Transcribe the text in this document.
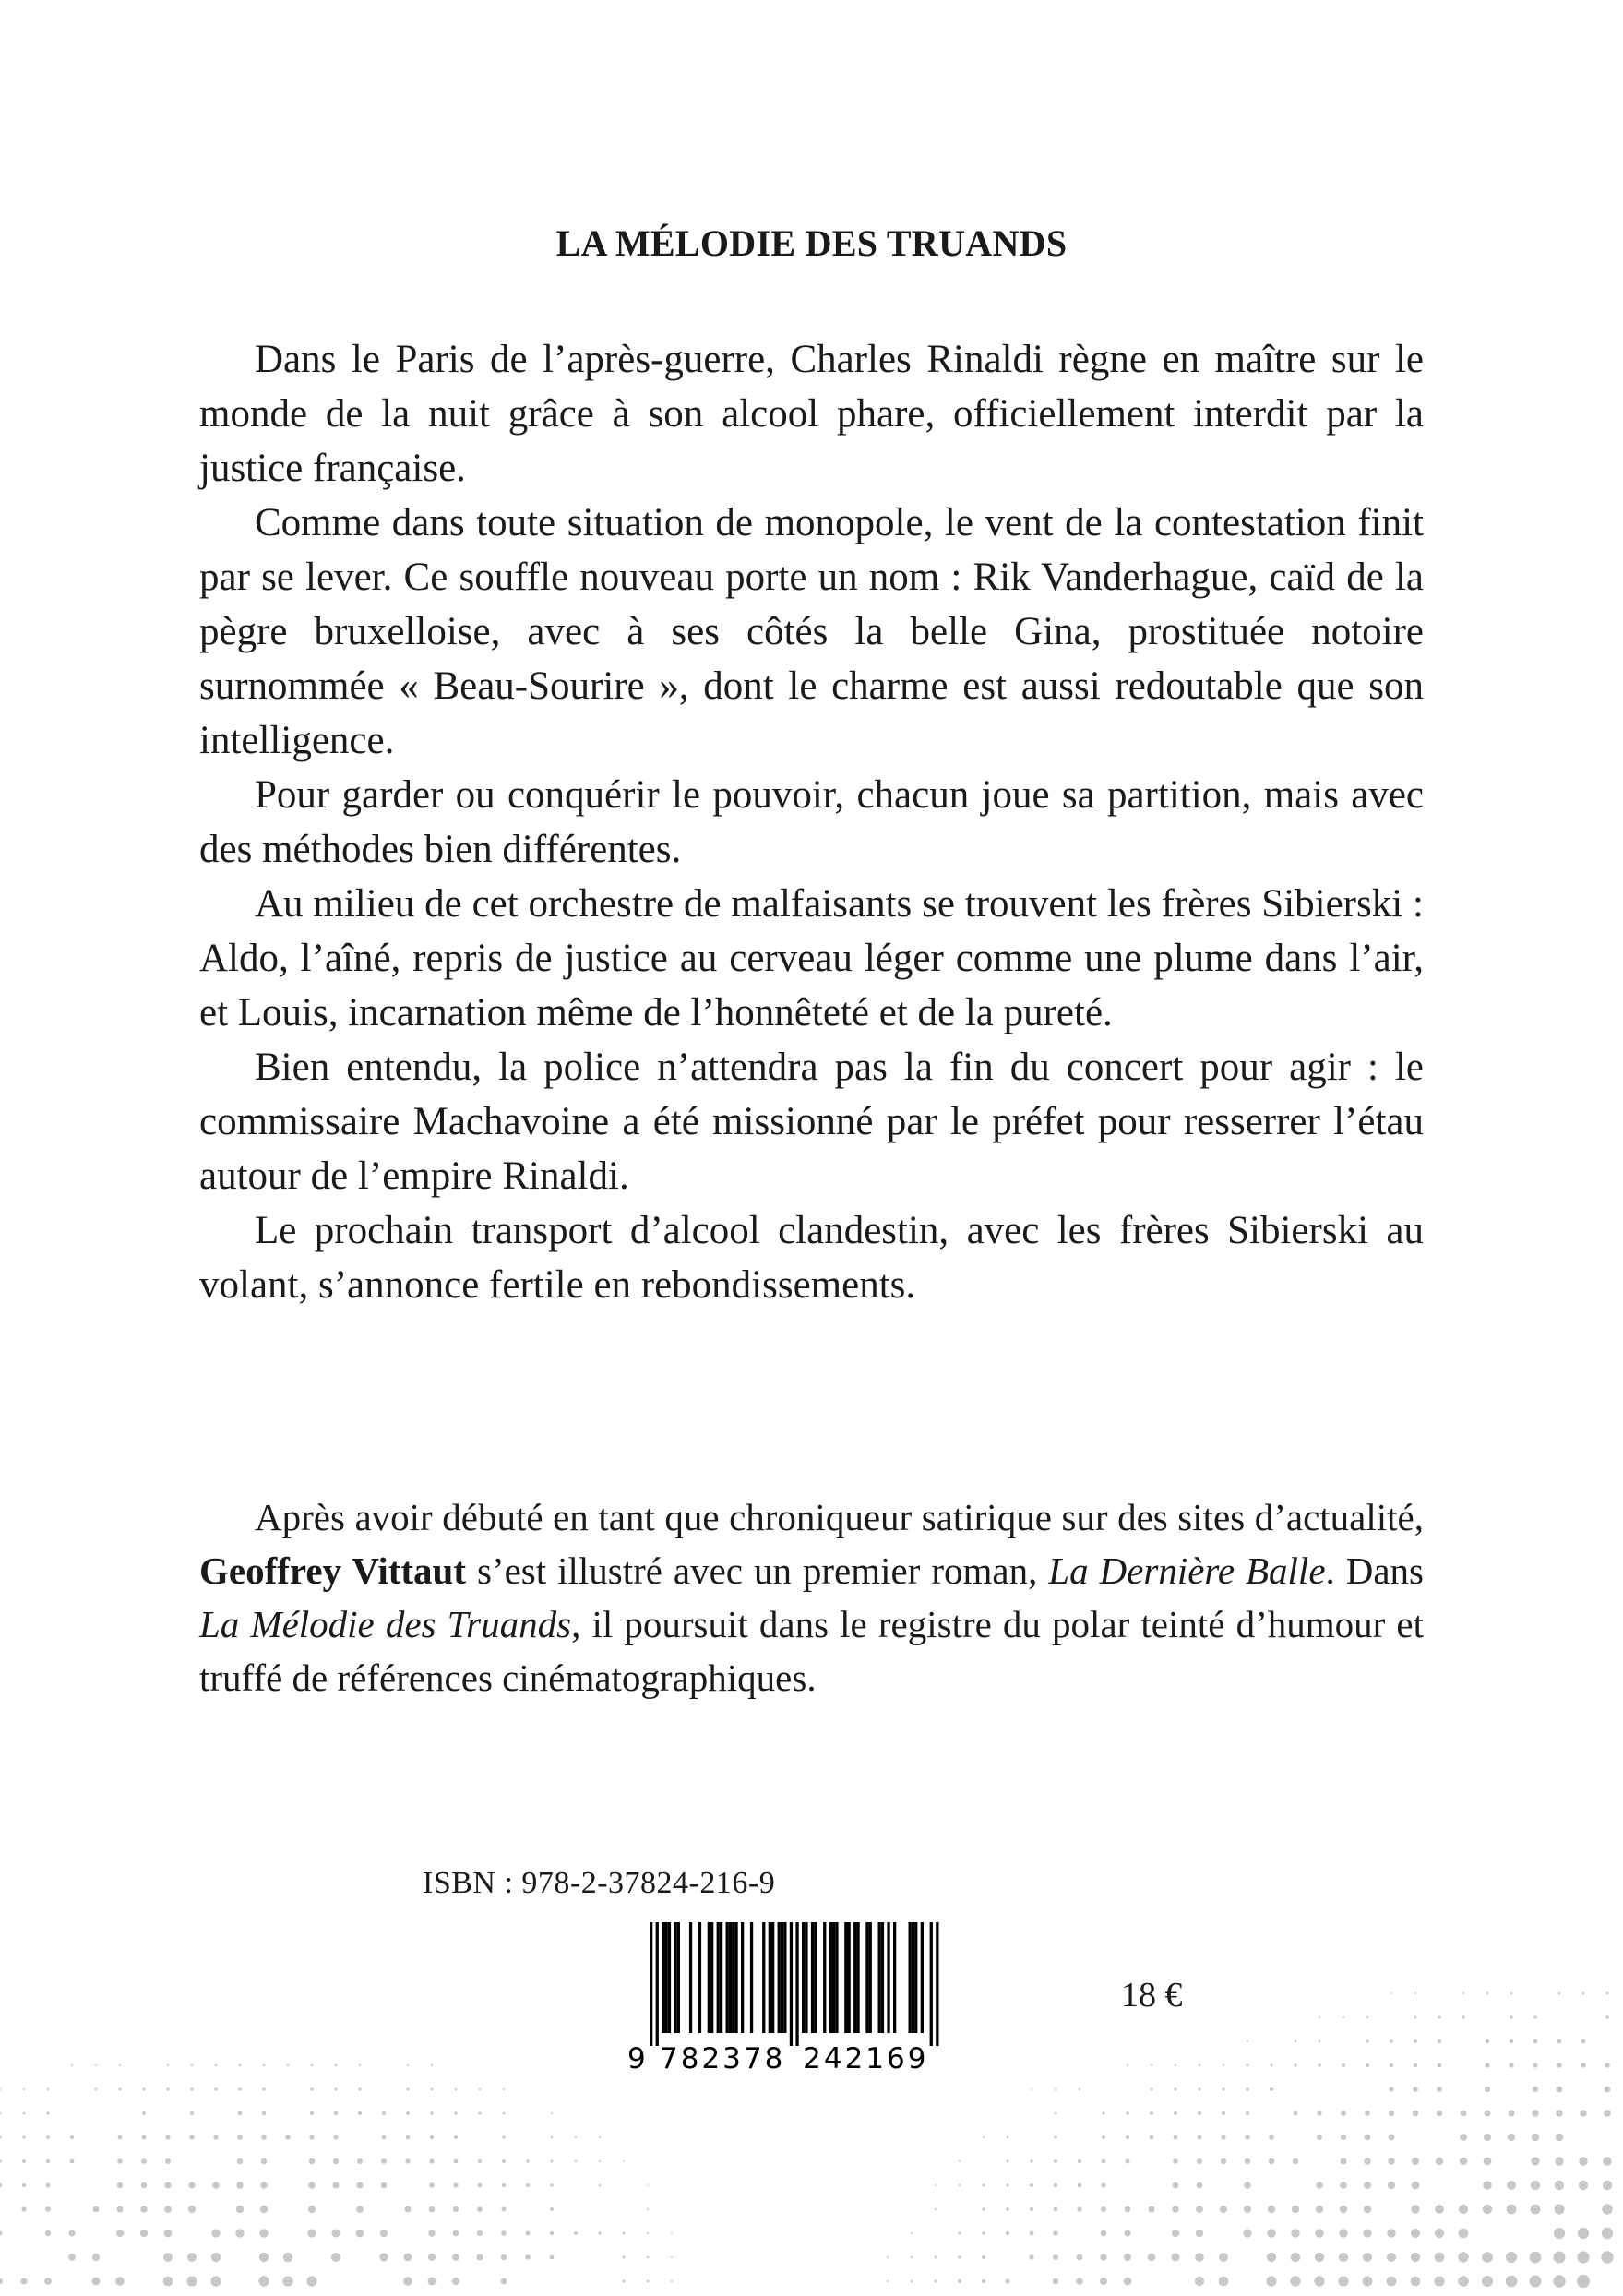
LA MÉLODIE DES TRUANDS

Dans le Paris de l’après-guerre, Charles Rinaldi règne en maître sur le monde de la nuit grâce à son alcool phare, officiellement interdit par la justice française.

Comme dans toute situation de monopole, le vent de la contestation finit par se lever. Ce souffle nouveau porte un nom : Rik Vanderhague, caïd de la pègre bruxelloise, avec à ses côtés la belle Gina, prostituée notoire surnommée « Beau-Sourire », dont le charme est aussi redoutable que son intelligence.

Pour garder ou conquérir le pouvoir, chacun joue sa partition, mais avec des méthodes bien différentes.

Au milieu de cet orchestre de malfaisants se trouvent les frères Sibierski : Aldo, l’aîné, repris de justice au cerveau léger comme une plume dans l’air, et Louis, incarnation même de l’honnêteté et de la pureté.

Bien entendu, la police n’attendra pas la fin du concert pour agir : le commissaire Machavoine a été missionné par le préfet pour resserrer l’étau autour de l’empire Rinaldi.

Le prochain transport d’alcool clandestin, avec les frères Sibierski au volant, s’annonce fertile en rebondissements.

Après avoir débuté en tant que chroniqueur satirique sur des sites d’actualité, Geoffrey Vittaut s’est illustré avec un premier roman, La Dernière Balle. Dans La Mélodie des Truands, il poursuit dans le registre du polar teinté d’humour et truffé de références cinématographiques.

ISBN : 978-2-37824-216-9
9 782378 242169
18 €
